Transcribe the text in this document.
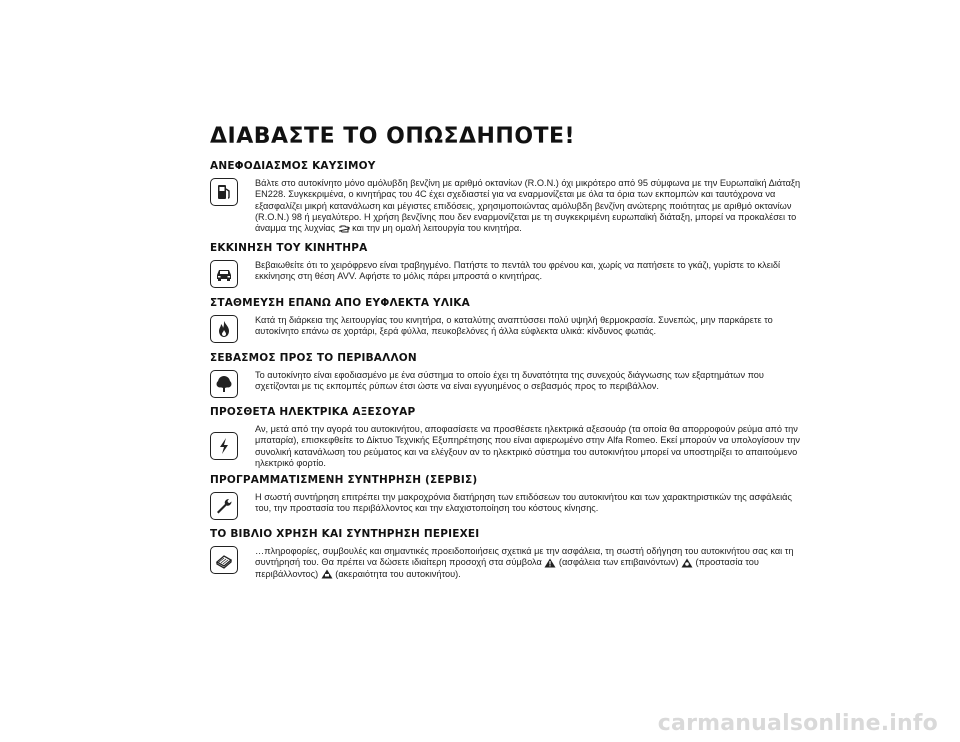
ΔΙΑΒΑΣΤΕ ΤΟ ΟΠΩΣΔΗΠΟΤΕ!
ΑΝΕΦΟΔΙΑΣΜΟΣ ΚΑΥΣΙΜΟΥ
Βάλτε στο αυτοκίνητο μόνο αμόλυβδη βενζίνη με αριθμό οκτανίων (R.O.N.) όχι μικρότερο από 95 σύμφωνα με την Ευρωπαϊκή Διάταξη EN228. Συγκεκριμένα, ο κινητήρας του 4C έχει σχεδιαστεί για να εναρμονίζεται με όλα τα όρια των εκπομπών και ταυτόχρονα να εξασφαλίζει μικρή κατανάλωση και μέγιστες επιδόσεις, χρησιμοποιώντας αμόλυβδη βενζίνη ανώτερης ποιότητας με αριθμό οκτανίων (R.O.N.) 98 ή μεγαλύτερο. Η χρήση βενζίνης που δεν εναρμονίζεται με τη συγκεκριμένη ευρωπαϊκή διάταξη, μπορεί να προκαλέσει το άναμμα της λυχνίας και την μη ομαλή λειτουργία του κινητήρα.
ΕΚΚΙΝΗΣΗ ΤΟΥ ΚΙΝΗΤΗΡΑ
Βεβαιωθείτε ότι το χειρόφρενο είναι τραβηγμένο. Πατήστε το πεντάλ του φρένου και, χωρίς να πατήσετε το γκάζι, γυρίστε το κλειδί εκκίνησης στη θέση AVV. Αφήστε το μόλις πάρει μπροστά ο κινητήρας.
ΣΤΑΘΜΕΥΣΗ ΕΠΑΝΩ ΑΠΟ ΕΥΦΛΕΚΤΑ ΥΛΙΚΑ
Κατά τη διάρκεια της λειτουργίας του κινητήρα, ο καταλύτης αναπτύσσει πολύ υψηλή θερμοκρασία. Συνεπώς, μην παρκάρετε το αυτοκίνητο επάνω σε χορτάρι, ξερά φύλλα, πευκοβελόνες ή άλλα εύφλεκτα υλικά: κίνδυνος φωτιάς.
ΣΕΒΑΣΜΟΣ ΠΡΟΣ ΤΟ ΠΕΡΙΒΑΛΛΟΝ
Το αυτοκίνητο είναι εφοδιασμένο με ένα σύστημα το οποίο έχει τη δυνατότητα της συνεχούς διάγνωσης των εξαρτημάτων που σχετίζονται με τις εκπομπές ρύπων έτσι ώστε να είναι εγγυημένος ο σεβασμός προς το περιβάλλον.
ΠΡΟΣΘΕΤΑ ΗΛΕΚΤΡΙΚΑ ΑΞΕΣΟΥΑΡ
Αν, μετά από την αγορά του αυτοκινήτου, αποφασίσετε να προσθέσετε ηλεκτρικά αξεσουάρ (τα οποία θα απορροφούν ρεύμα από την μπαταρία), επισκεφθείτε το Δίκτυο Τεχνικής Εξυπηρέτησης που είναι αφιερωμένο στην Alfa Romeo. Εκεί μπορούν να υπολογίσουν την συνολική κατανάλωση του ρεύματος και να ελέγξουν αν το ηλεκτρικό σύστημα του αυτοκινήτου μπορεί να υποστηρίξει το απαιτούμενο ηλεκτρικό φορτίο.
ΠΡΟΓΡΑΜΜΑΤΙΣΜΕΝΗ ΣΥΝΤΗΡΗΣΗ (ΣΕΡΒΙΣ)
Η σωστή συντήρηση επιτρέπει την μακροχρόνια διατήρηση των επιδόσεων του αυτοκινήτου και των χαρακτηριστικών της ασφάλειάς του, την προστασία του περιβάλλοντος και την ελαχιστοποίηση του κόστους κίνησης.
ΤΟ ΒΙΒΛΙΟ ΧΡΗΣΗ ΚΑΙ ΣΥΝΤΗΡΗΣΗ ΠΕΡΙΕΧΕΙ
…πληροφορίες, συμβουλές και σημαντικές προειδοποιήσεις σχετικά με την ασφάλεια, τη σωστή οδήγηση του αυτοκινήτου σας και τη συντήρησή του. Θα πρέπει να δώσετε ιδιαίτερη προσοχή στα σύμβολα (ασφάλεια των επιβαινόντων) (προστασία του περιβάλλοντος) (ακεραιότητα του αυτοκινήτου).
carmanualsonline.info
